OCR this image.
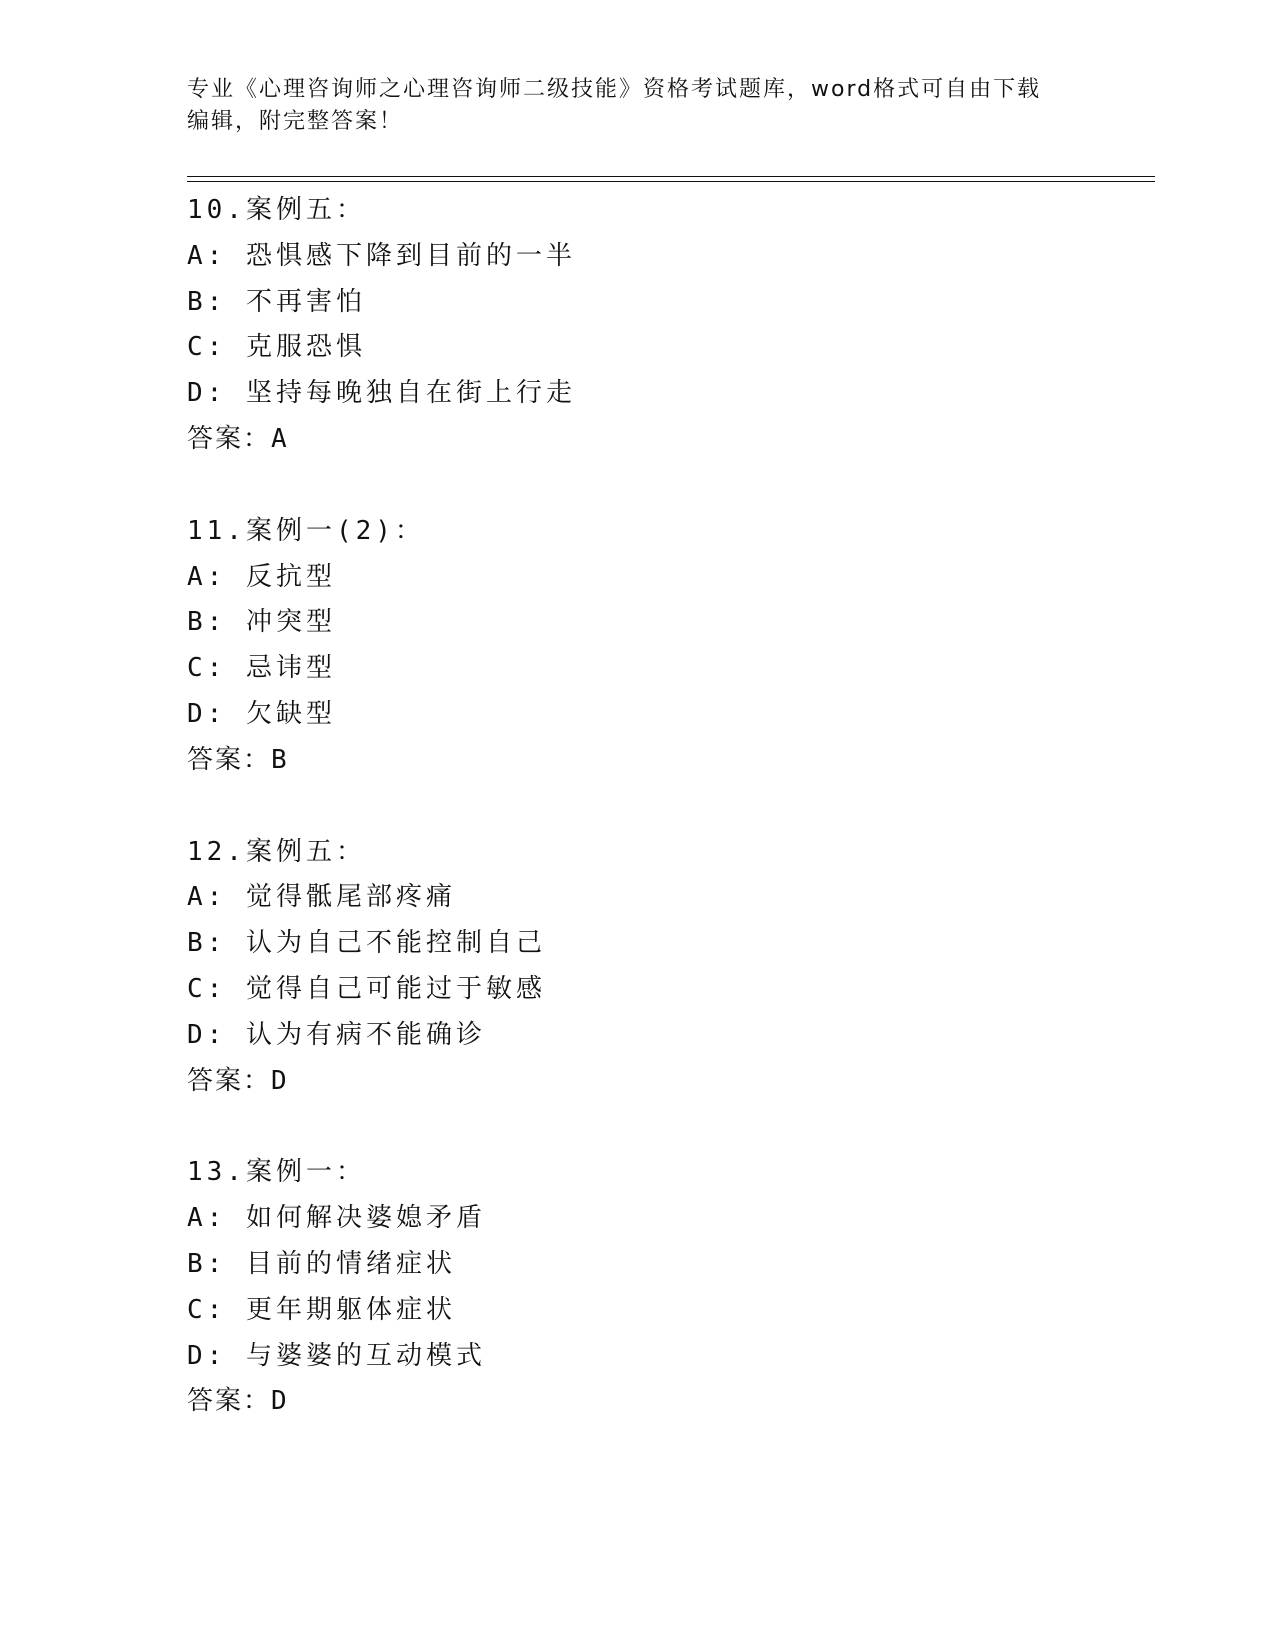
专业《心理咨询师之心理咨询师二级技能》资格考试题库，word格式可自由下载
编辑，附完整答案！
10.案例五：
A: 恐惧感下降到目前的一半
B: 不再害怕
C: 克服恐惧
D: 坚持每晚独自在街上行走
答案：A
11.案例一(2)：
A: 反抗型
B: 冲突型
C: 忌讳型
D: 欠缺型
答案：B
12.案例五：
A: 觉得骶尾部疼痛
B: 认为自己不能控制自己
C: 觉得自己可能过于敏感
D: 认为有病不能确诊
答案：D
13.案例一：
A: 如何解决婆媳矛盾
B: 目前的情绪症状
C: 更年期躯体症状
D: 与婆婆的互动模式
答案：D
